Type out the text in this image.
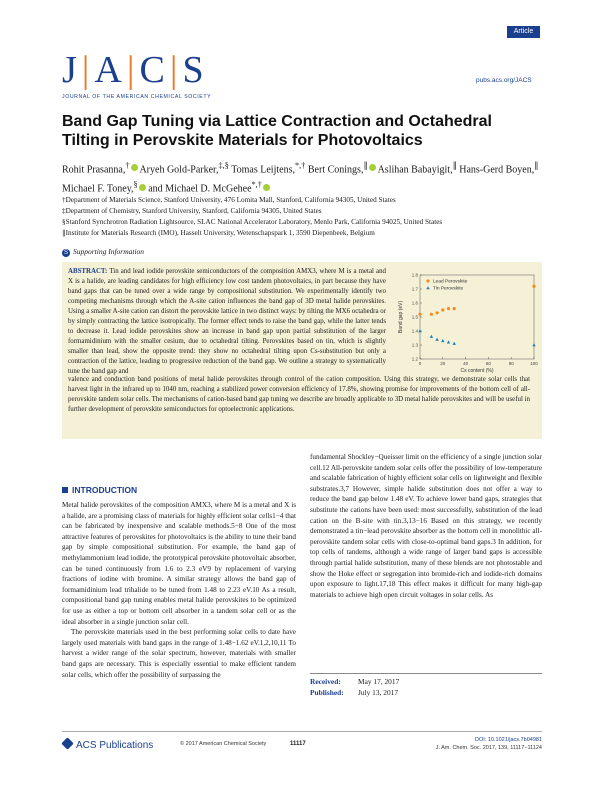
J|A|C|S
JOURNAL OF THE AMERICAN CHEMICAL SOCIETY
Article
pubs.acs.org/JACS
Band Gap Tuning via Lattice Contraction and Octahedral Tilting in Perovskite Materials for Photovoltaics
Rohit Prasanna,† Aryeh Gold-Parker,‡,§ Tomas Leijtens,*,† Bert Conings,∥ Aslihan Babayigit,∥ Hans-Gerd Boyen,∥ Michael F. Toney,§ and Michael D. McGehee*,†
†Department of Materials Science, Stanford University, 476 Lomita Mall, Stanford, California 94305, United States
‡Department of Chemistry, Stanford University, Stanford, California 94305, United States
§Stanford Synchrotron Radiation Lightsource, SLAC National Accelerator Laboratory, Menlo Park, California 94025, United States
∥Institute for Materials Research (IMO), Hasselt University, Wetenschapspark 1, 3590 Diepenbeek, Belgium
S Supporting Information
ABSTRACT: Tin and lead iodide perovskite semiconductors of the composition AMX3, where M is a metal and X is a halide, are leading candidates for high efficiency low cost tandem photovoltaics, in part because they have band gaps that can be tuned over a wide range by compositional substitution. We experimentally identify two competing mechanisms through which the A-site cation influences the band gap of 3D metal halide perovskites. Using a smaller A-site cation can distort the perovskite lattice in two distinct ways: by tilting the MX6 octahedra or by simply contracting the lattice isotropically. The former effect tends to raise the band gap, while the latter tends to decrease it. Lead iodide perovskites show an increase in band gap upon partial substitution of the larger formamidinium with the smaller cesium, due to octahedral tilting. Perovskites based on tin, which is slightly smaller than lead, show the opposite trend: they show no octahedral tilting upon Cs-substitution but only a contraction of the lattice, leading to progressive reduction of the band gap. We outline a strategy to systematically tune the band gap and
valence and conduction band positions of metal halide perovskites through control of the cation composition. Using this strategy, we demonstrate solar cells that harvest light in the infrared up to 1040 nm, reaching a stabilized power conversion efficiency of 17.8%, showing promise for improvements of the bottom cell of all-perovskite tandem solar cells. The mechanisms of cation-based band gap tuning we describe are broadly applicable to 3D metal halide perovskites and will be useful in further development of perovskite semiconductors for optoelectronic applications.
1.2
1.3
1.4
1.5
1.6
1.7
1.8
0	20	40	60	80	100
Cs content (%)
Band gap (eV)
Lead Perovskite
Tin Perovskite
INTRODUCTION
Metal halide perovskites of the composition AMX3, where M is a metal and X is a halide, are a promising class of materials for highly efficient solar cells1−4 that can be fabricated by inexpensive and scalable methods.5−8 One of the most attractive features of perovskites for photovoltaics is the ability to tune their band gap by simple compositional substitution. For example, the band gap of methylammonium lead iodide, the prototypical perovskite photovoltaic absorber, can be tuned continuously from 1.6 to 2.3 eV9 by replacement of varying fractions of iodine with bromine. A similar strategy allows the band gap of formamidinium lead trihalide to be tuned from 1.48 to 2.23 eV.10 As a result, compositional band gap tuning enables metal halide perovskites to be optimized for use as either a top or bottom cell absorber in a tandem solar cell or as the ideal absorber in a single junction solar cell.
The perovskite materials used in the best performing solar cells to date have largely used materials with band gaps in the range of 1.48−1.62 eV.1,2,10,11 To harvest a wider range of the solar spectrum, however, materials with smaller band gaps are necessary. This is especially essential to make efficient tandem solar cells, which offer the possibility of surpassing the
fundamental Shockley−Queisser limit on the efficiency of a single junction solar cell.12 All-perovskite tandem solar cells offer the possibility of low-temperature and scalable fabrication of highly efficient solar cells on lightweight and flexible substrates.3,7 However, simple halide substitution does not offer a way to reduce the band gap below 1.48 eV. To achieve lower band gaps, strategies that substitute the cations have been used: most successfully, substitution of the lead cation on the B-site with tin.3,13−16 Based on this strategy, we recently demonstrated a tin−lead perovskite absorber as the bottom cell in monolithic all-perovskite tandem solar cells with close-to-optimal band gaps.3 In addition, for top cells of tandems, although a wide range of larger band gaps is accessible through partial halide substitution, many of these blends are not photostable and show the Hoke effect or segregation into bromide-rich and iodide-rich domains upon exposure to light.17,18 This effect makes it difficult for many high-gap materials to achieve high open circuit voltages in solar cells. As
Received: May 17, 2017
Published: July 13, 2017
ACS Publications	© 2017 American Chemical Society	11117
DOI: 10.1021/jacs.7b04981
J. Am. Chem. Soc. 2017, 139, 11117−11124
